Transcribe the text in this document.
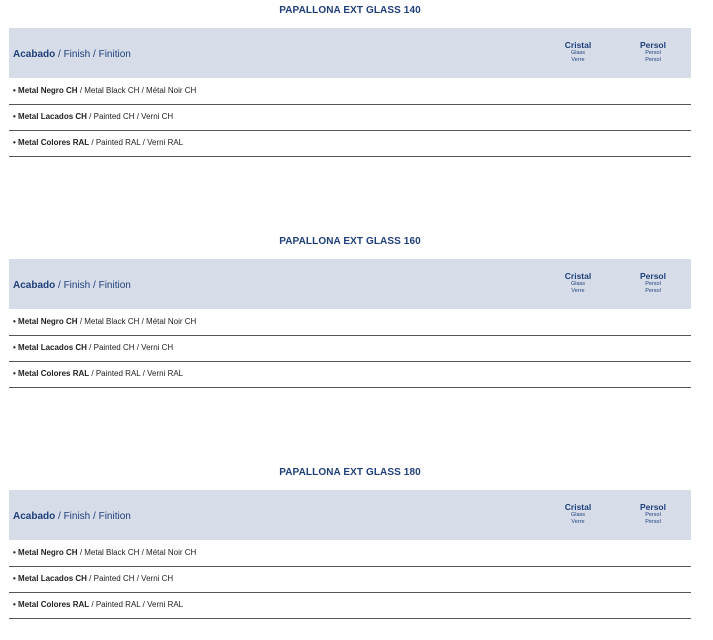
PAPALLONA EXT GLASS 140
Acabado / Finish / Finition
Cristal
Glass
Verre
Persol
Persol
Persol
• Metal Negro CH / Metal Black CH / Métal Noir CH
• Metal Lacados CH / Painted CH / Verni CH
• Metal Colores RAL / Painted RAL / Verni RAL
PAPALLONA EXT GLASS 160
Acabado / Finish / Finition
Cristal
Glass
Verre
Persol
Persol
Persol
• Metal Negro CH / Metal Black CH / Métal Noir CH
• Metal Lacados CH / Painted CH / Verni CH
• Metal Colores RAL / Painted RAL / Verni RAL
PAPALLONA EXT GLASS 180
Acabado / Finish / Finition
Cristal
Glass
Verre
Persol
Persol
Persol
• Metal Negro CH / Metal Black CH / Métal Noir CH
• Metal Lacados CH / Painted CH / Verni CH
• Metal Colores RAL / Painted RAL / Verni RAL
